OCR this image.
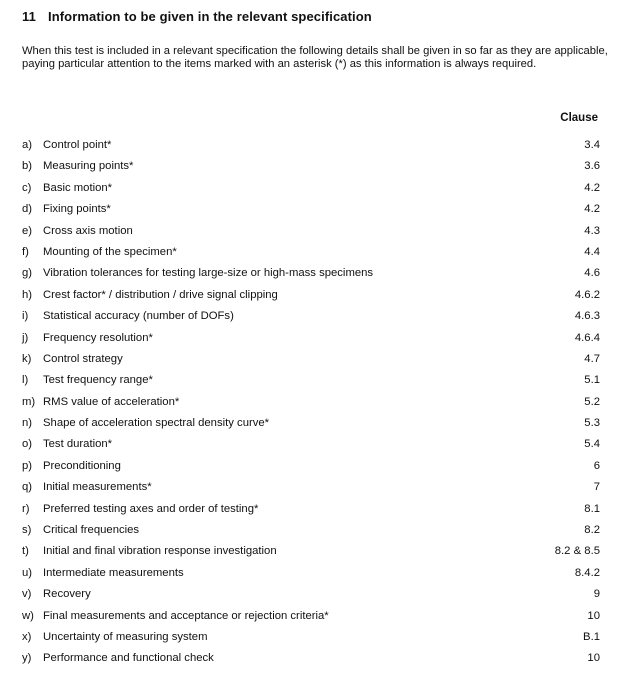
11 Information to be given in the relevant specification
When this test is included in a relevant specification the following details shall be given in so far as they are applicable, paying particular attention to the items marked with an asterisk (*) as this information is always required.
Clause
a) Control point*	3.4
b) Measuring points*	3.6
c)	Basic motion*	4.2
d) Fixing points*	4.2
e) Cross axis motion	4.3
f)	Mounting of the specimen*	4.4
g) Vibration tolerances for testing large-size or high-mass specimens	4.6
h) Crest factor* / distribution / drive signal clipping	4.6.2
i)	Statistical accuracy (number of DOFs)	4.6.3
j)	Frequency resolution*	4.6.4
k)	Control strategy	4.7
l)	Test frequency range*	5.1
m) RMS value of acceleration*	5.2
n) Shape of acceleration spectral density curve*	5.3
o) Test duration*	5.4
p) Preconditioning	6
q) Initial measurements*	7
r)	Preferred testing axes and order of testing*	8.1
s)	Critical frequencies	8.2
t)	Initial and final vibration response investigation	8.2 & 8.5
u) Intermediate measurements	8.4.2
v)	Recovery	9
w) Final measurements and acceptance or rejection criteria*	10
x)	Uncertainty of measuring system	B.1
y)	Performance and functional check	10
